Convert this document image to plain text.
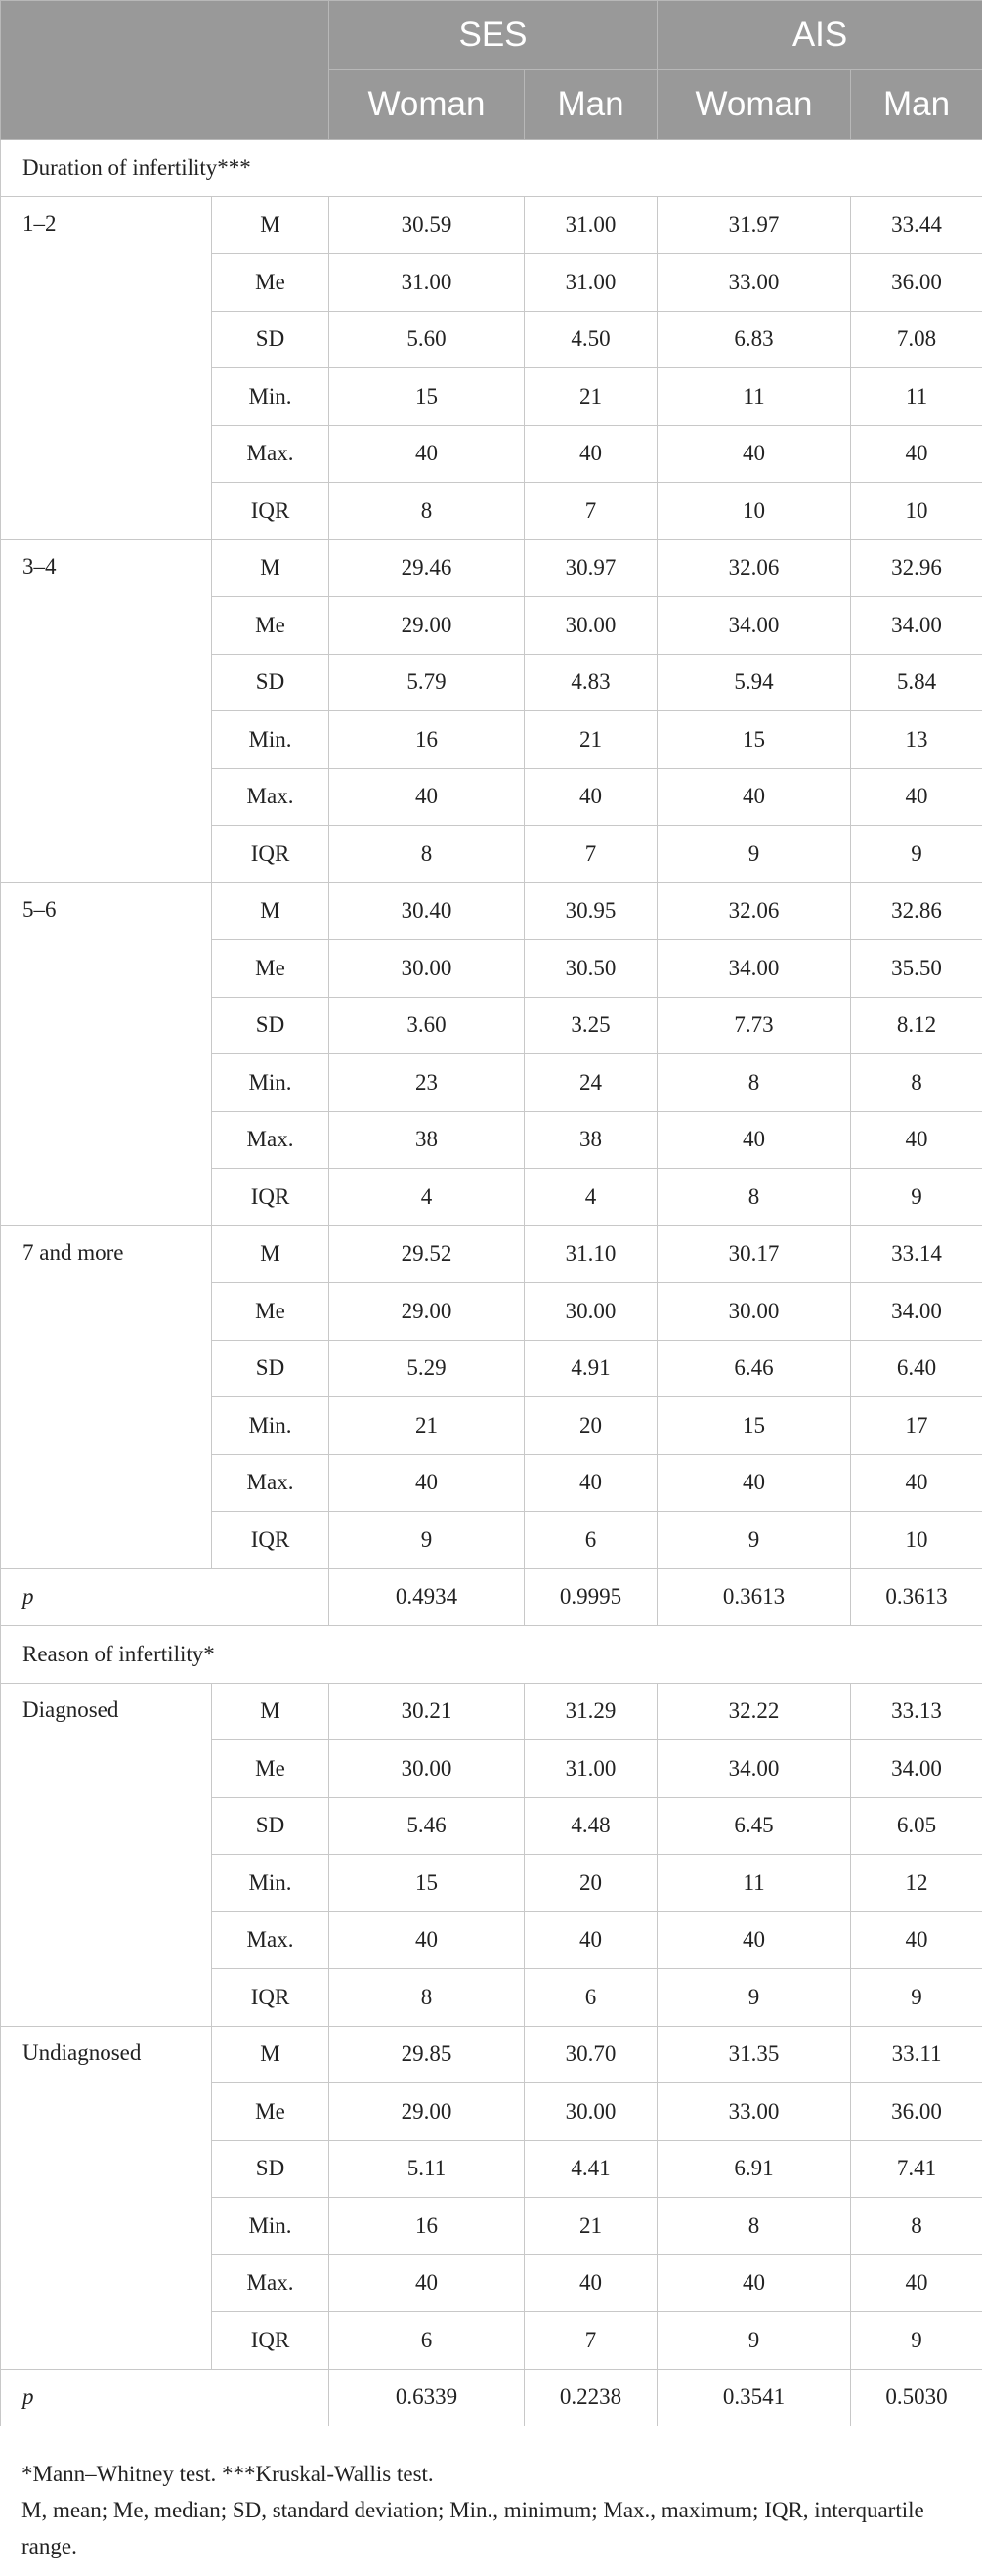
		SES		AIS	
		Woman	Man	Woman	Man
Duration of infertility***					
1–2	M	30.59	31.00	31.97	33.44
	Me	31.00	31.00	33.00	36.00
	SD	5.60	4.50	6.83	7.08
	Min.	15	21	11	11
	Max.	40	40	40	40
	IQR	8	7	10	10
3–4	M	29.46	30.97	32.06	32.96
	Me	29.00	30.00	34.00	34.00
	SD	5.79	4.83	5.94	5.84
	Min.	16	21	15	13
	Max.	40	40	40	40
	IQR	8	7	9	9
5–6	M	30.40	30.95	32.06	32.86
	Me	30.00	30.50	34.00	35.50
	SD	3.60	3.25	7.73	8.12
	Min.	23	24	8	8
	Max.	38	38	40	40
	IQR	4	4	8	9
7 and more	M	29.52	31.10	30.17	33.14
	Me	29.00	30.00	30.00	34.00
	SD	5.29	4.91	6.46	6.40
	Min.	21	20	15	17
	Max.	40	40	40	40
	IQR	9	6	9	10
p		0.4934	0.9995	0.3613	0.3613
Reason of infertility*					
Diagnosed	M	30.21	31.29	32.22	33.13
	Me	30.00	31.00	34.00	34.00
	SD	5.46	4.48	6.45	6.05
	Min.	15	20	11	12
	Max.	40	40	40	40
	IQR	8	6	9	9
Undiagnosed	M	29.85	30.70	31.35	33.11
	Me	29.00	30.00	33.00	36.00
	SD	5.11	4.41	6.91	7.41
	Min.	16	21	8	8
	Max.	40	40	40	40
	IQR	6	7	9	9
p		0.6339	0.2238	0.3541	0.5030

*Mann–Whitney test. ***Kruskal-Wallis test.

M, mean; Me, median; SD, standard deviation; Min., minimum; Max., maximum; IQR, interquartile range.
